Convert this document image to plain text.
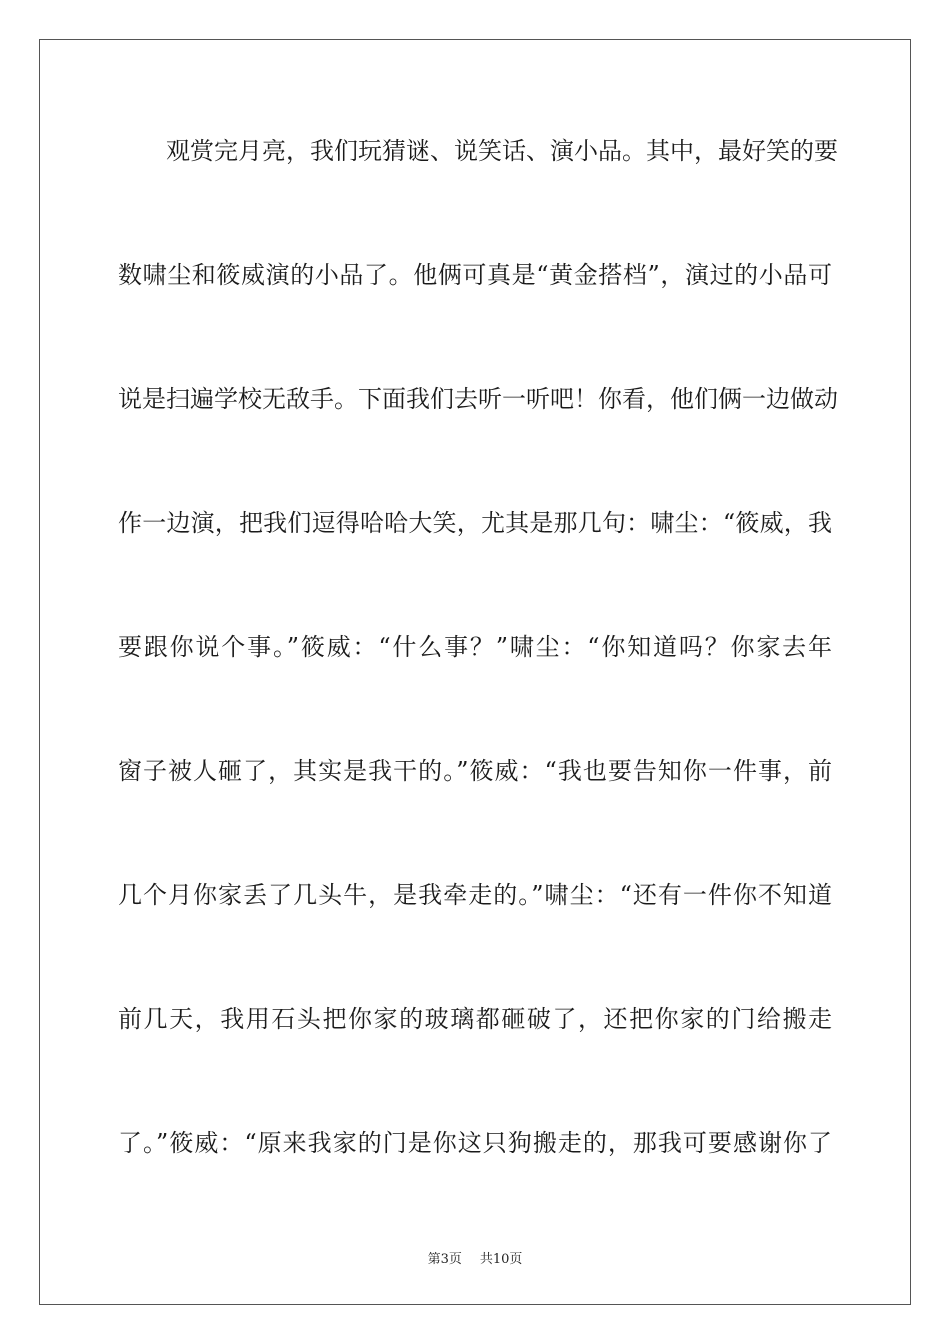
观赏完月亮，我们玩猜谜、说笑话、演小品。其中，最好笑的要
数啸尘和筱威演的小品了。他俩可真是“黄金搭档”，演过的小品可
说是扫遍学校无敌手。下面我们去听一听吧！你看，他们俩一边做动
作一边演，把我们逗得哈哈大笑，尤其是那几句：啸尘：“筱威，我
要跟你说个事。”筱威：“什么事？”啸尘：“你知道吗？你家去年
窗子被人砸了，其实是我干的。”筱威：“我也要告知你一件事，前
几个月你家丢了几头牛，是我牵走的。”啸尘：“还有一件你不知道
前几天，我用石头把你家的玻璃都砸破了，还把你家的门给搬走
了。”筱威：“原来我家的门是你这只狗搬走的，那我可要感谢你了
第3页 共10页
